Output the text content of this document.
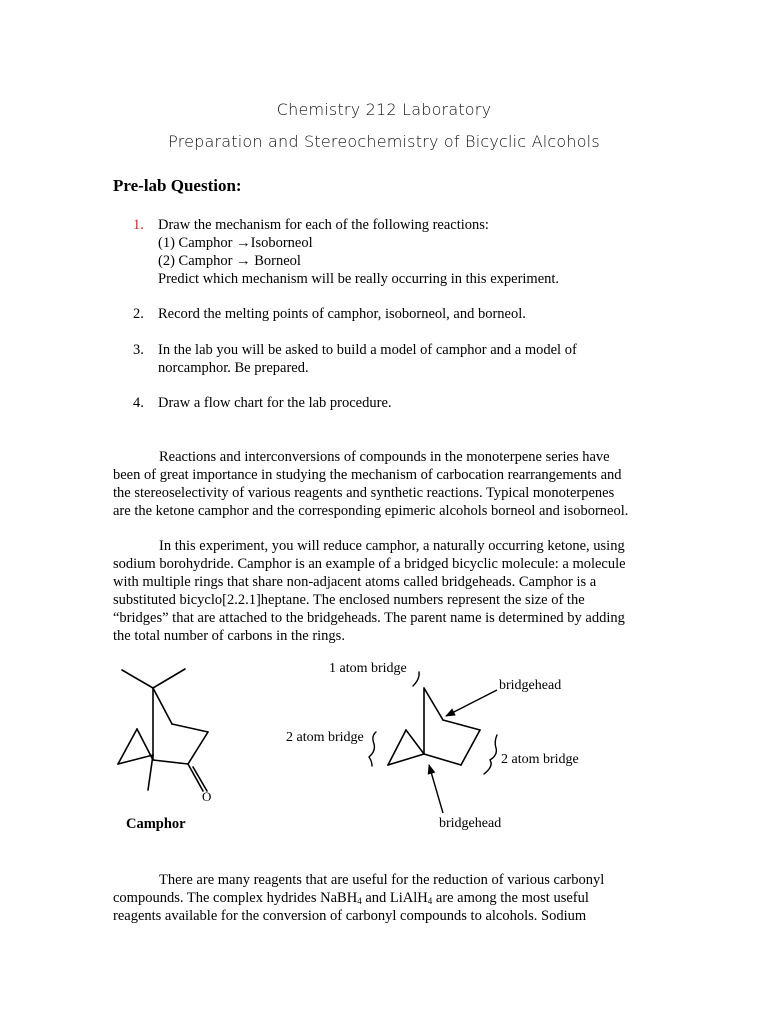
Chemistry 212 Laboratory
Preparation and Stereochemistry of Bicyclic Alcohols
Pre-lab Question:
1. Draw the mechanism for each of the following reactions:
(1) Camphor →Isoborneol
(2) Camphor → Borneol
Predict which mechanism will be really occurring in this experiment.
2. Record the melting points of camphor, isoborneol, and borneol.
3. In the lab you will be asked to build a model of camphor and a model of
norcamphor. Be prepared.
4. Draw a flow chart for the lab procedure.
Reactions and interconversions of compounds in the monoterpene series have
been of great importance in studying the mechanism of carbocation rearrangements and
the stereoselectivity of various reagents and synthetic reactions. Typical monoterpenes
are the ketone camphor and the corresponding epimeric alcohols borneol and isoborneol.
In this experiment, you will reduce camphor, a naturally occurring ketone, using
sodium borohydride. Camphor is an example of a bridged bicyclic molecule: a molecule
with multiple rings that share non-adjacent atoms called bridgeheads. Camphor is a
substituted bicyclo[2.2.1]heptane. The enclosed numbers represent the size of the
“bridges” that are attached to the bridgeheads. The parent name is determined by adding
the total number of carbons in the rings.
O
Camphor
1 atom bridge
bridgehead
2 atom bridge
2 atom bridge
bridgehead
There are many reagents that are useful for the reduction of various carbonyl
compounds. The complex hydrides NaBH$_4$ and LiAlH$_4$ are among the most useful
reagents available for the conversion of carbonyl compounds to alcohols. Sodium
